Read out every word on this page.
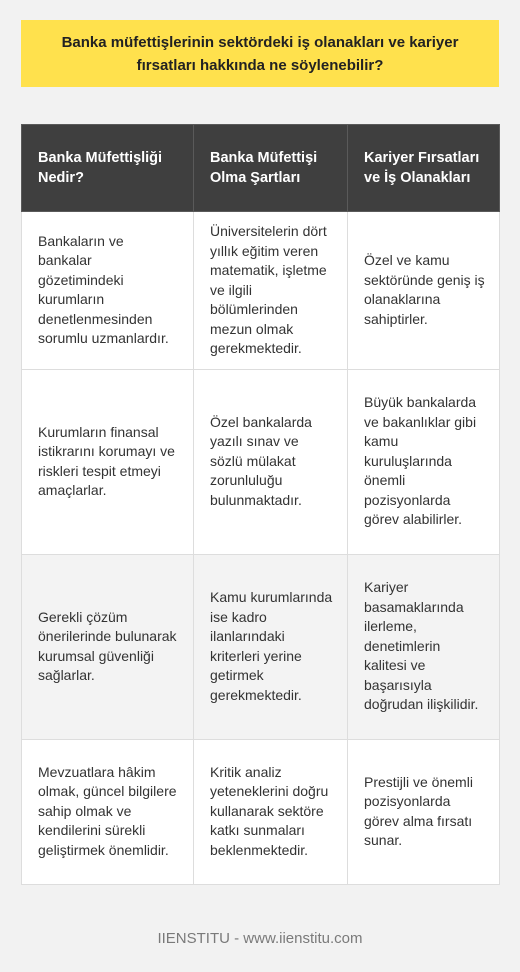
Banka müfettişlerinin sektördeki iş olanakları ve kariyer fırsatları hakkında ne söylenebilir?
Banka Müfettişliği Nedir?	Banka Müfettişi Olma Şartları	Kariyer Fırsatları ve İş Olanakları
Bankaların ve bankalar gözetimindeki kurumların denetlenmesinden sorumlu uzmanlardır.	Üniversitelerin dört yıllık eğitim veren matematik, işletme ve ilgili bölümlerinden mezun olmak gerekmektedir.	Özel ve kamu sektöründe geniş iş olanaklarına sahiptirler.
Kurumların finansal istikrarını korumayı ve riskleri tespit etmeyi amaçlarlar.	Özel bankalarda yazılı sınav ve sözlü mülakat zorunluluğu bulunmaktadır.	Büyük bankalarda ve bakanlıklar gibi kamu kuruluşlarında önemli pozisyonlarda görev alabilirler.
Gerekli çözüm önerilerinde bulunarak kurumsal güvenliği sağlarlar.	Kamu kurumlarında ise kadro ilanlarındaki kriterleri yerine getirmek gerekmektedir.	Kariyer basamaklarında ilerleme, denetimlerin kalitesi ve başarısıyla doğrudan ilişkilidir.
Mevzuatlara hâkim olmak, güncel bilgilere sahip olmak ve kendilerini sürekli geliştirmek önemlidir.	Kritik analiz yeteneklerini doğru kullanarak sektöre katkı sunmaları beklenmektedir.	Prestijli ve önemli pozisyonlarda görev alma fırsatı sunar.
IIENSTITU - www.iienstitu.com
